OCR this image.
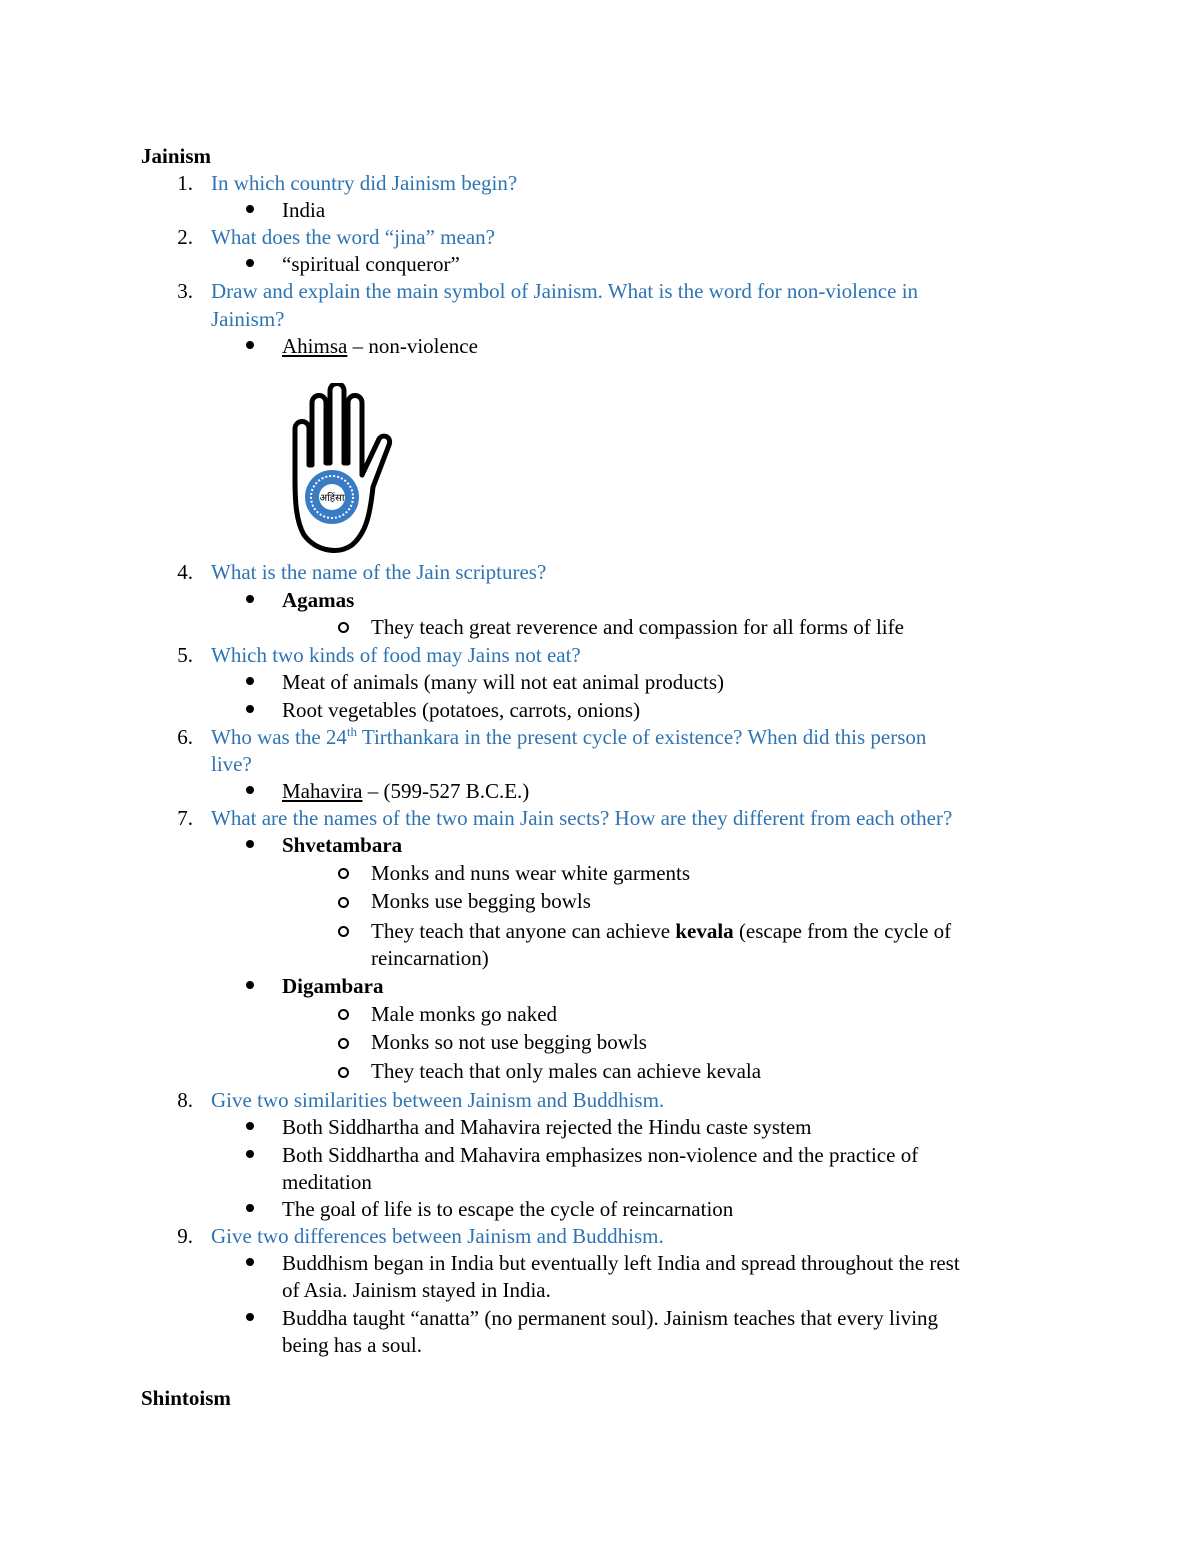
Jainism
1. In which country did Jainism begin?
India
2. What does the word “jina” mean?
“spiritual conqueror”
3. Draw and explain the main symbol of Jainism. What is the word for non-violence in
Jainism?
Ahimsa – non-violence
अहिंसा
4. What is the name of the Jain scriptures?
Agamas
They teach great reverence and compassion for all forms of life
5. Which two kinds of food may Jains not eat?
Meat of animals (many will not eat animal products)
Root vegetables (potatoes, carrots, onions)
6. Who was the 24th Tirthankara in the present cycle of existence? When did this person
live?
Mahavira – (599-527 B.C.E.)
7. What are the names of the two main Jain sects? How are they different from each other?
Shvetambara
Monks and nuns wear white garments
Monks use begging bowls
They teach that anyone can achieve kevala (escape from the cycle of
reincarnation)
Digambara
Male monks go naked
Monks so not use begging bowls
They teach that only males can achieve kevala
8. Give two similarities between Jainism and Buddhism.
Both Siddhartha and Mahavira rejected the Hindu caste system
Both Siddhartha and Mahavira emphasizes non-violence and the practice of
meditation
The goal of life is to escape the cycle of reincarnation
9. Give two differences between Jainism and Buddhism.
Buddhism began in India but eventually left India and spread throughout the rest
of Asia. Jainism stayed in India.
Buddha taught “anatta” (no permanent soul). Jainism teaches that every living
being has a soul.
Shintoism
